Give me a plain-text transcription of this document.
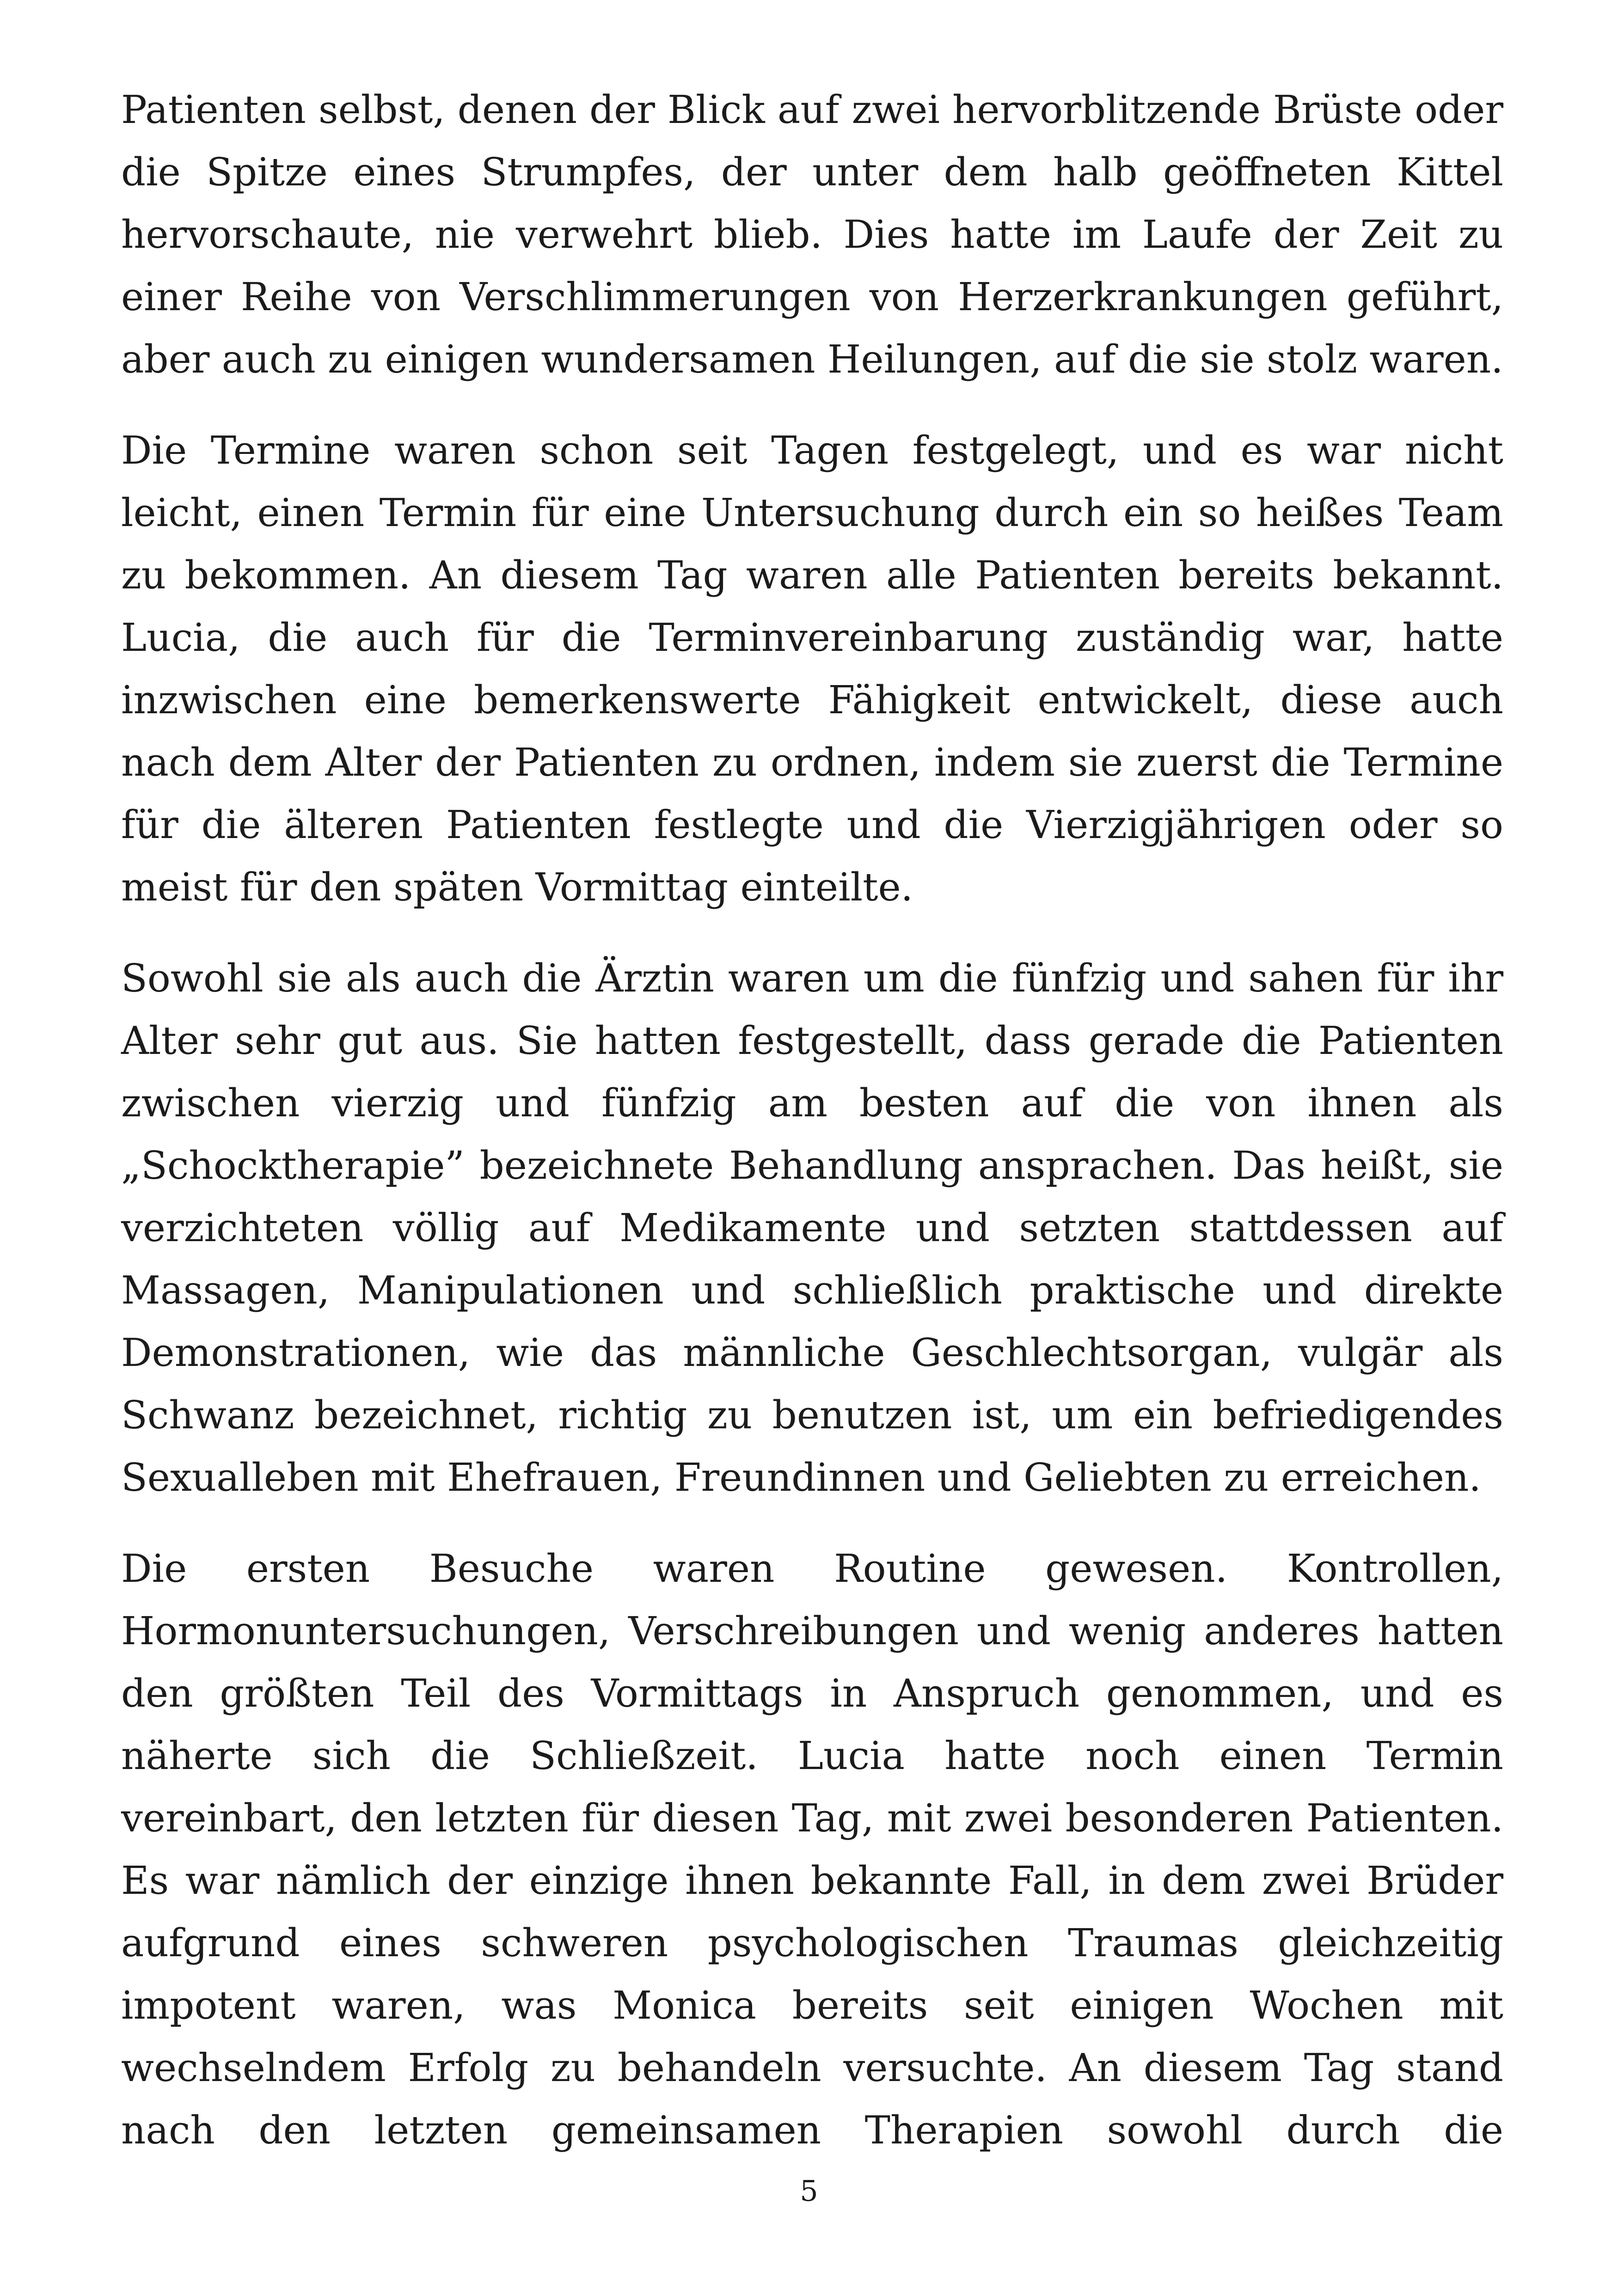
Patienten selbst, denen der Blick auf zwei hervorblitzende Brüste oder die Spitze eines Strumpfes, der unter dem halb geöffneten Kittel hervorschaute, nie verwehrt blieb. Dies hatte im Laufe der Zeit zu einer Reihe von Verschlimmerungen von Herzerkrankungen geführt, aber auch zu einigen wundersamen Heilungen, auf die sie stolz waren.

Die Termine waren schon seit Tagen festgelegt, und es war nicht leicht, einen Termin für eine Untersuchung durch ein so heißes Team zu bekommen. An diesem Tag waren alle Patienten bereits bekannt. Lucia, die auch für die Terminvereinbarung zuständig war, hatte inzwischen eine bemerkenswerte Fähigkeit entwickelt, diese auch nach dem Alter der Patienten zu ordnen, indem sie zuerst die Termine für die älteren Patienten festlegte und die Vierzigjährigen oder so meist für den späten Vormittag einteilte.

Sowohl sie als auch die Ärztin waren um die fünfzig und sahen für ihr Alter sehr gut aus. Sie hatten festgestellt, dass gerade die Patienten zwischen vierzig und fünfzig am besten auf die von ihnen als „Schocktherapie” bezeichnete Behandlung ansprachen. Das heißt, sie verzichteten völlig auf Medikamente und setzten stattdessen auf Massagen, Manipulationen und schließlich praktische und direkte Demonstrationen, wie das männliche Geschlechtsorgan, vulgär als Schwanz bezeichnet, richtig zu benutzen ist, um ein befriedigendes Sexualleben mit Ehefrauen, Freundinnen und Geliebten zu erreichen.

Die ersten Besuche waren Routine gewesen. Kontrollen, Hormonuntersuchungen, Verschreibungen und wenig anderes hatten den größten Teil des Vormittags in Anspruch genommen, und es näherte sich die Schließzeit. Lucia hatte noch einen Termin vereinbart, den letzten für diesen Tag, mit zwei besonderen Patienten. Es war nämlich der einzige ihnen bekannte Fall, in dem zwei Brüder aufgrund eines schweren psychologischen Traumas gleichzeitig impotent waren, was Monica bereits seit einigen Wochen mit wechselndem Erfolg zu behandeln versuchte. An diesem Tag stand nach den letzten gemeinsamen Therapien sowohl durch die

5
